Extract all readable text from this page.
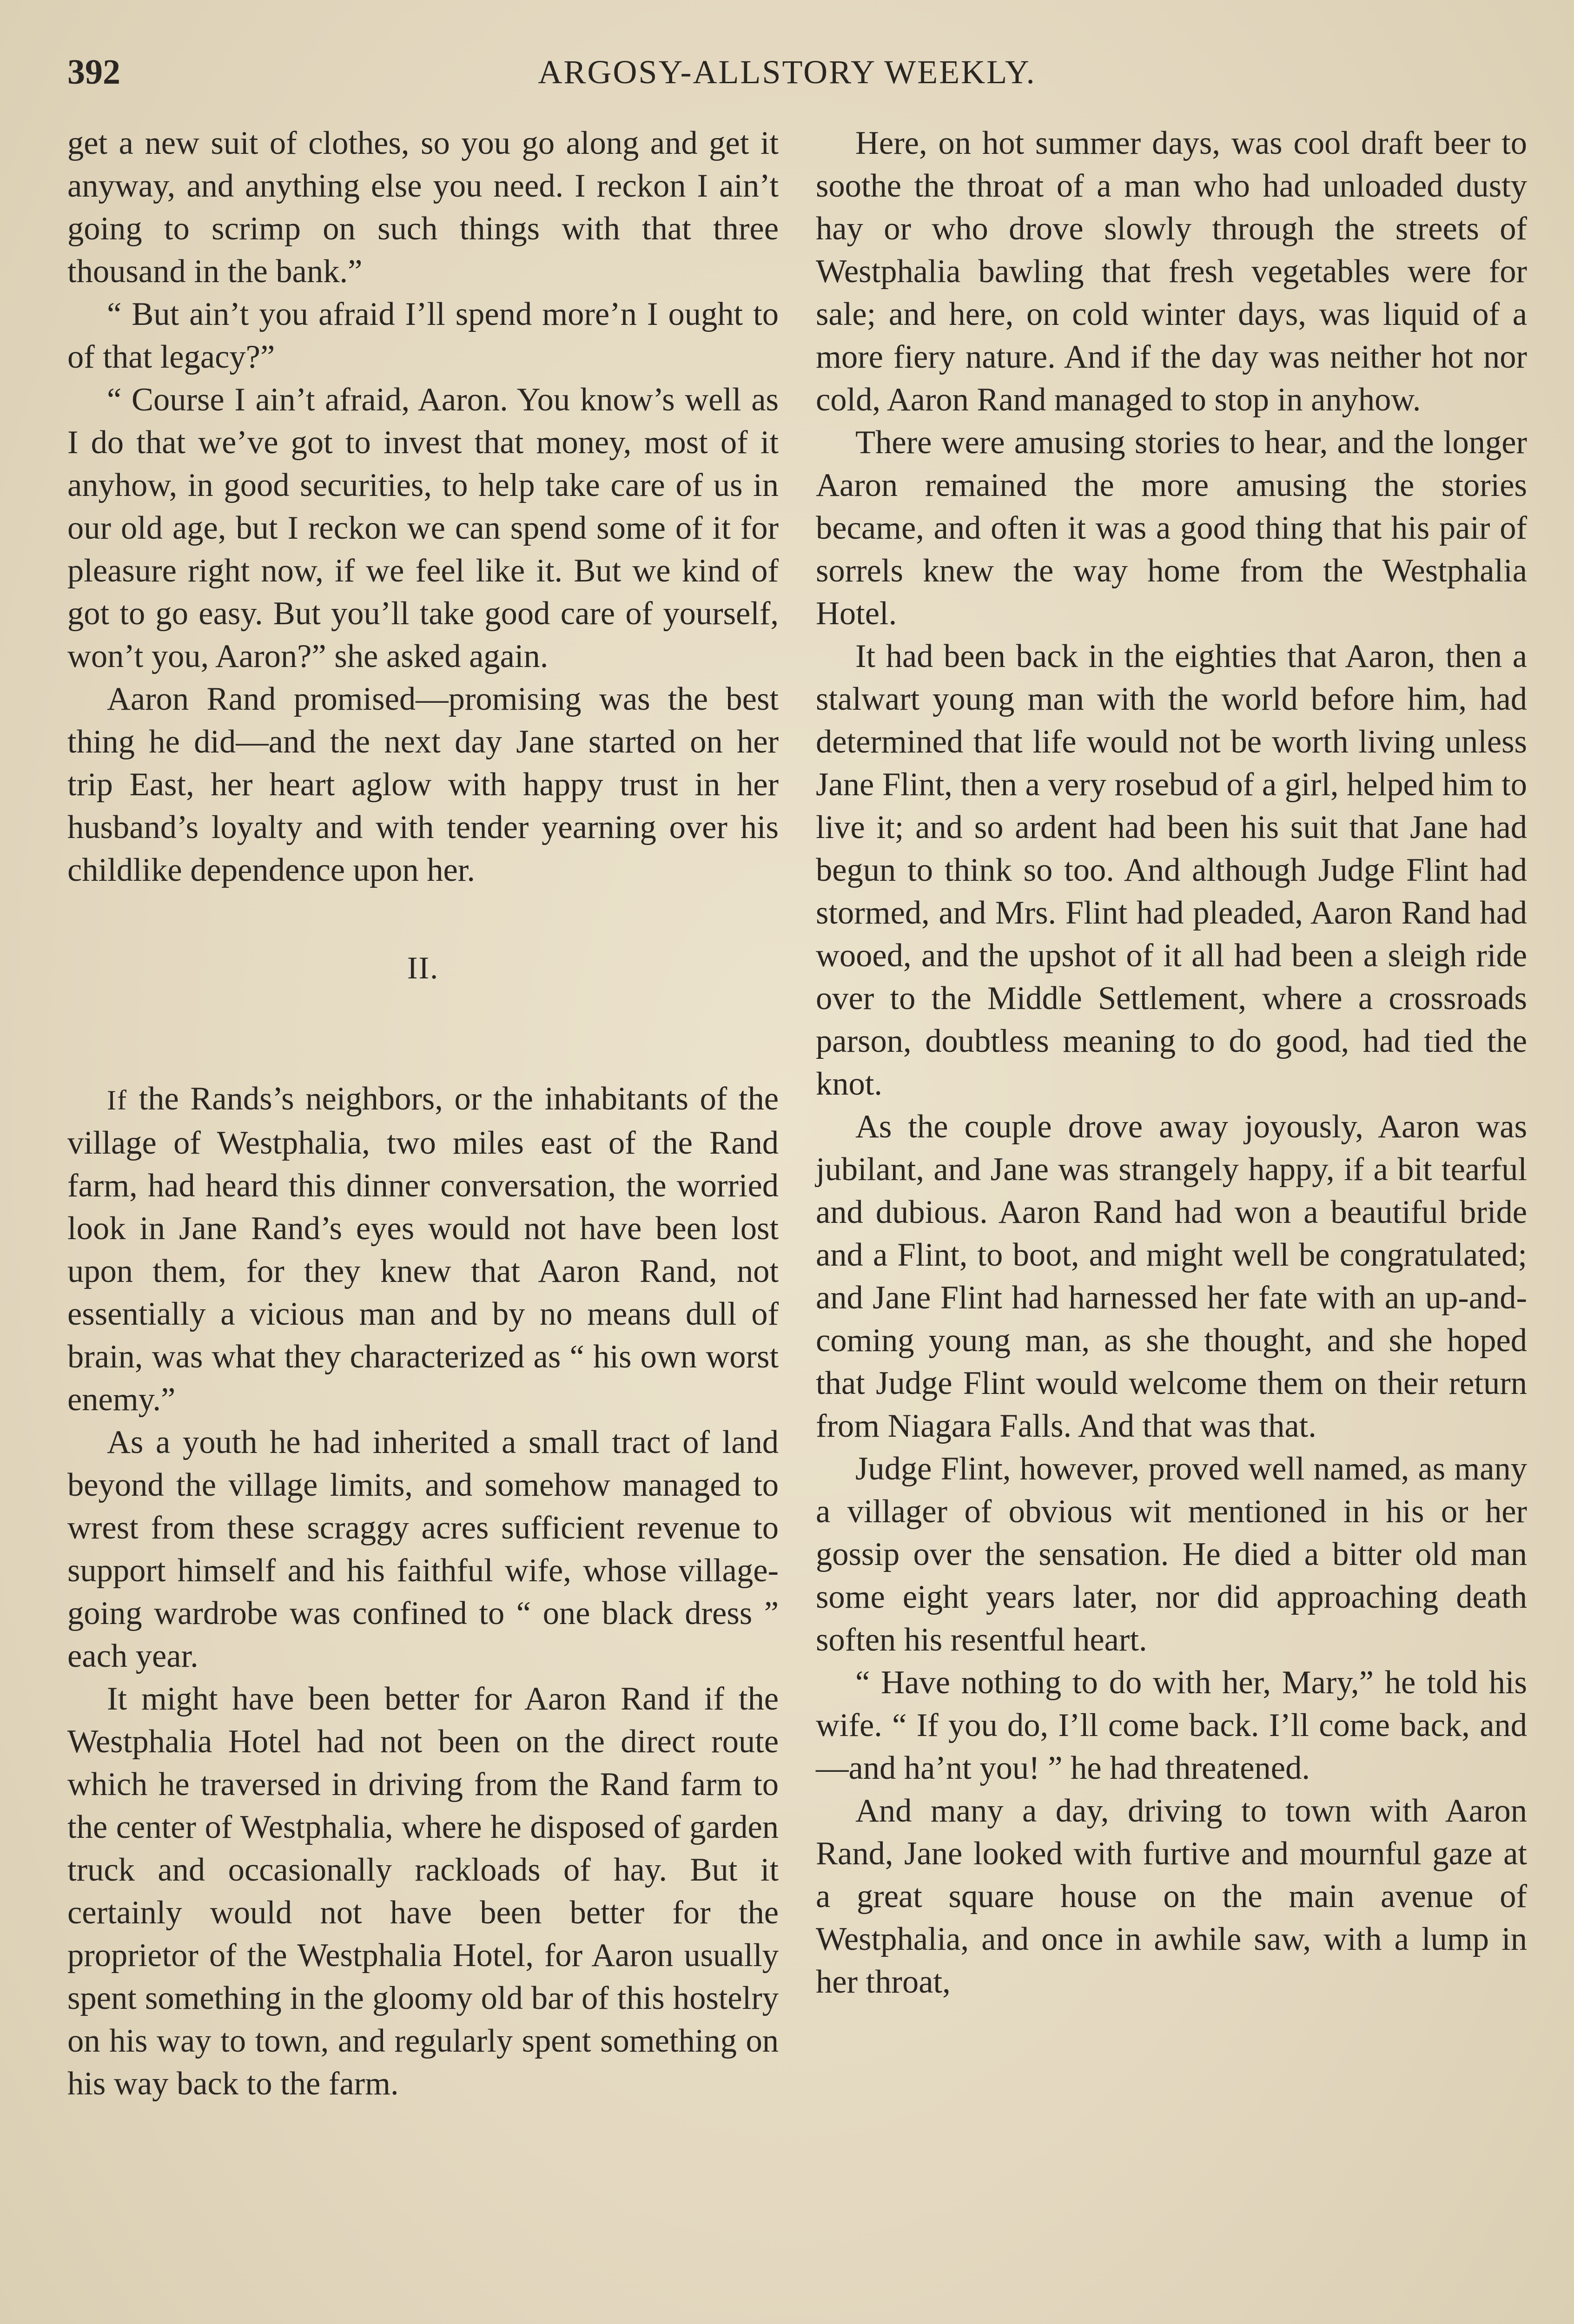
392	ARGOSY-ALLSTORY WEEKLY.

get a new suit of clothes, so you go along and get it anyway, and anything else you need. I reckon I ain’t going to scrimp on such things with that three thousand in the bank.”

“ But ain’t you afraid I’ll spend more’n I ought to of that legacy?”

“ Course I ain’t afraid, Aaron. You know’s well as I do that we’ve got to invest that money, most of it anyhow, in good securities, to help take care of us in our old age, but I reckon we can spend some of it for pleasure right now, if we feel like it. But we kind of got to go easy. But you’ll take good care of yourself, won’t you, Aaron?” she asked again.

Aaron Rand promised—promising was the best thing he did—and the next day Jane started on her trip East, her heart aglow with happy trust in her husband’s loyalty and with tender yearning over his childlike dependence upon her.

II.

If the Rands’s neighbors, or the inhabitants of the village of Westphalia, two miles east of the Rand farm, had heard this dinner conversation, the worried look in Jane Rand’s eyes would not have been lost upon them, for they knew that Aaron Rand, not essentially a vicious man and by no means dull of brain, was what they characterized as “ his own worst enemy.”

As a youth he had inherited a small tract of land beyond the village limits, and somehow managed to wrest from these scraggy acres sufficient revenue to support himself and his faithful wife, whose village-going wardrobe was confined to “ one black dress ” each year.

It might have been better for Aaron Rand if the Westphalia Hotel had not been on the direct route which he traversed in driving from the Rand farm to the center of Westphalia, where he disposed of garden truck and occasionally rackloads of hay. But it certainly would not have been better for the proprietor of the Westphalia Hotel, for Aaron usually spent something in the gloomy old bar of this hostelry on his way to town, and regularly spent something on his way back to the farm.

Here, on hot summer days, was cool draft beer to soothe the throat of a man who had unloaded dusty hay or who drove slowly through the streets of Westphalia bawling that fresh vegetables were for sale; and here, on cold winter days, was liquid of a more fiery nature. And if the day was neither hot nor cold, Aaron Rand managed to stop in anyhow.

There were amusing stories to hear, and the longer Aaron remained the more amusing the stories became, and often it was a good thing that his pair of sorrels knew the way home from the Westphalia Hotel.

It had been back in the eighties that Aaron, then a stalwart young man with the world before him, had determined that life would not be worth living unless Jane Flint, then a very rosebud of a girl, helped him to live it; and so ardent had been his suit that Jane had begun to think so too. And although Judge Flint had stormed, and Mrs. Flint had pleaded, Aaron Rand had wooed, and the upshot of it all had been a sleigh ride over to the Middle Settlement, where a crossroads parson, doubtless meaning to do good, had tied the knot.

As the couple drove away joyously, Aaron was jubilant, and Jane was strangely happy, if a bit tearful and dubious. Aaron Rand had won a beautiful bride and a Flint, to boot, and might well be congratulated; and Jane Flint had harnessed her fate with an up-and-coming young man, as she thought, and she hoped that Judge Flint would welcome them on their return from Niagara Falls. And that was that.

Judge Flint, however, proved well named, as many a villager of obvious wit mentioned in his or her gossip over the sensation. He died a bitter old man some eight years later, nor did approaching death soften his resentful heart.

“ Have nothing to do with her, Mary,” he told his wife. “ If you do, I’ll come back. I’ll come back, and—and ha’nt you! ” he had threatened.

And many a day, driving to town with Aaron Rand, Jane looked with furtive and mournful gaze at a great square house on the main avenue of Westphalia, and once in awhile saw, with a lump in her throat,
